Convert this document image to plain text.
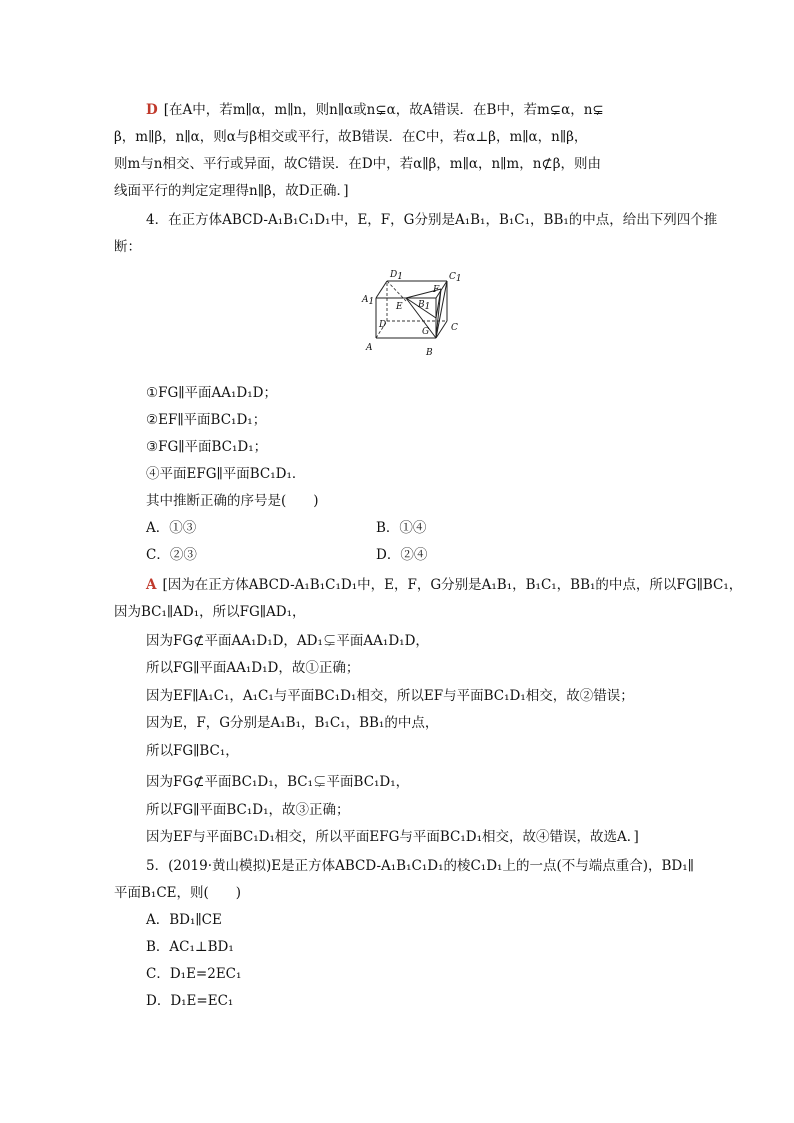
D [在A中，若m∥α，m∥n，则n∥α或n⊊α，故A错误．在B中，若m⊊α，n⊊
β，m∥β，n∥α，则α与β相交或平行，故B错误．在C中，若α⊥β，m∥α，n∥β，
则m与n相交、平行或异面，故C错误．在D中，若α∥β，m∥α，n∥m，n⊄β，则由
线面平行的判定定理得n∥β，故D正确．]
4．在正方体ABCD-A₁B₁C₁D₁中，E，F，G分别是A₁B₁，B₁C₁，BB₁的中点，给出下列四个推
断：
D1	C1
A1	B1
E
F
G
D	C
A	B
①FG∥平面AA₁D₁D；
②EF∥平面BC₁D₁；
③FG∥平面BC₁D₁；
④平面EFG∥平面BC₁D₁．
其中推断正确的序号是(　　)
A．①③	B．①④
C．②③	D．②④
A [因为在正方体ABCD-A₁B₁C₁D₁中，E，F，G分别是A₁B₁，B₁C₁，BB₁的中点，所以FG∥BC₁，
因为BC₁∥AD₁，所以FG∥AD₁，
因为FG⊄平面AA₁D₁D，AD₁⊊平面AA₁D₁D，
所以FG∥平面AA₁D₁D，故①正确；
因为EF∥A₁C₁，A₁C₁与平面BC₁D₁相交，所以EF与平面BC₁D₁相交，故②错误；
因为E，F，G分别是A₁B₁，B₁C₁，BB₁的中点，
所以FG∥BC₁，
因为FG⊄平面BC₁D₁，BC₁⊊平面BC₁D₁，
所以FG∥平面BC₁D₁，故③正确；
因为EF与平面BC₁D₁相交，所以平面EFG与平面BC₁D₁相交，故④错误，故选A．]
5．(2019·黄山模拟)E是正方体ABCD-A₁B₁C₁D₁的棱C₁D₁上的一点(不与端点重合)，BD₁∥
平面B₁CE，则(　　)
A．BD₁∥CE
B．AC₁⊥BD₁
C．D₁E=2EC₁
D．D₁E=EC₁
